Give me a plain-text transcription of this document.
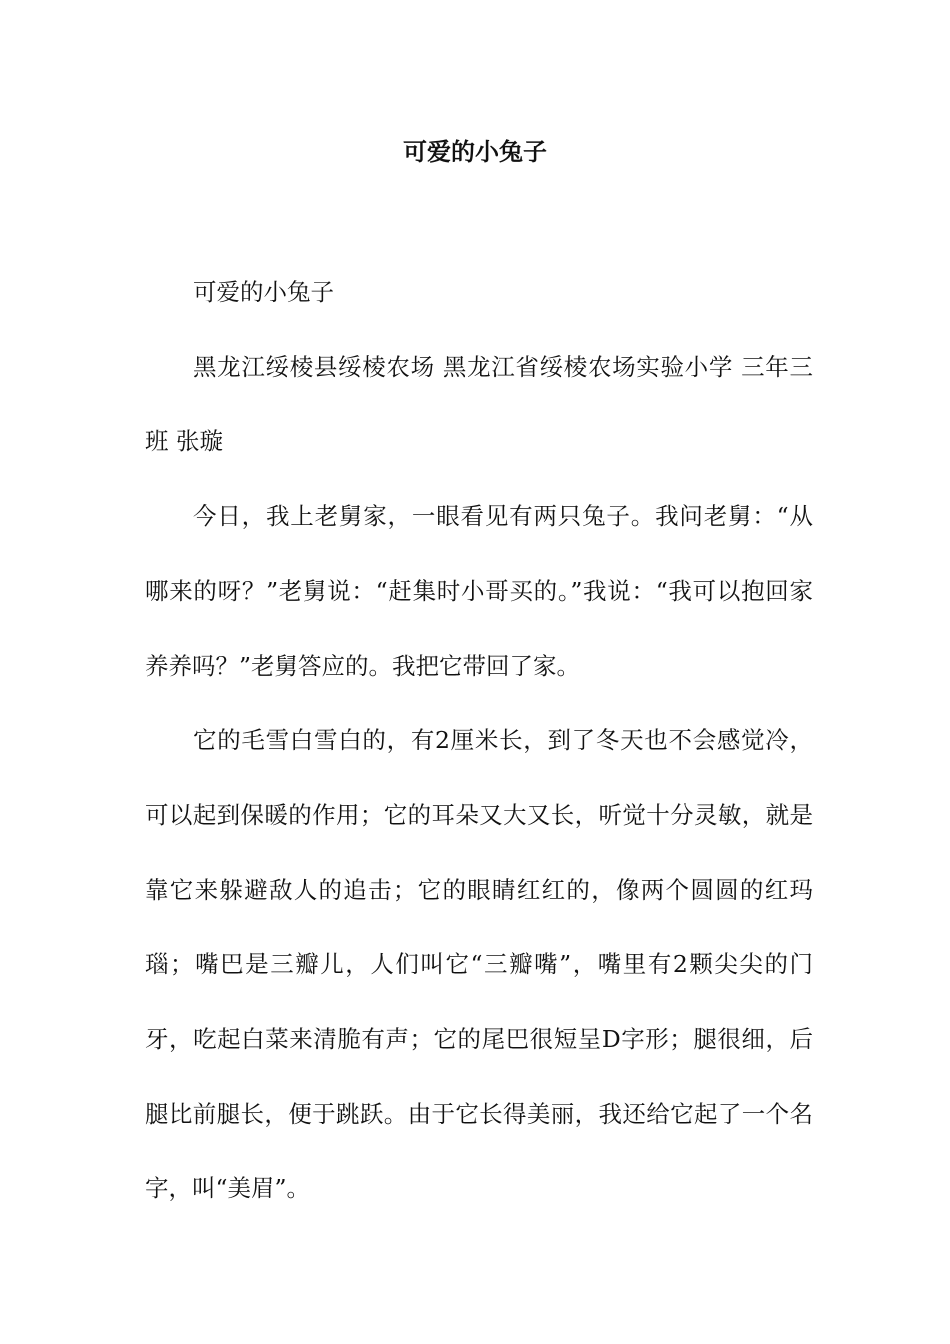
可爱的小兔子

可爱的小兔子

黑龙江绥棱县绥棱农场 黑龙江省绥棱农场实验小学 三年三班 张璇

今日，我上老舅家，一眼看见有两只兔子。我问老舅：“从哪来的呀？”老舅说：“赶集时小哥买的。”我说：“我可以抱回家养养吗？”老舅答应的。我把它带回了家。

它的毛雪白雪白的，有2厘米长，到了冬天也不会感觉冷，可以起到保暖的作用；它的耳朵又大又长，听觉十分灵敏，就是靠它来躲避敌人的追击；它的眼睛红红的，像两个圆圆的红玛瑙；嘴巴是三瓣儿，人们叫它“三瓣嘴”，嘴里有2颗尖尖的门牙，吃起白菜来清脆有声；它的尾巴很短呈D字形；腿很细，后腿比前腿长，便于跳跃。由于它长得美丽，我还给它起了一个名字，叫“美眉”。
